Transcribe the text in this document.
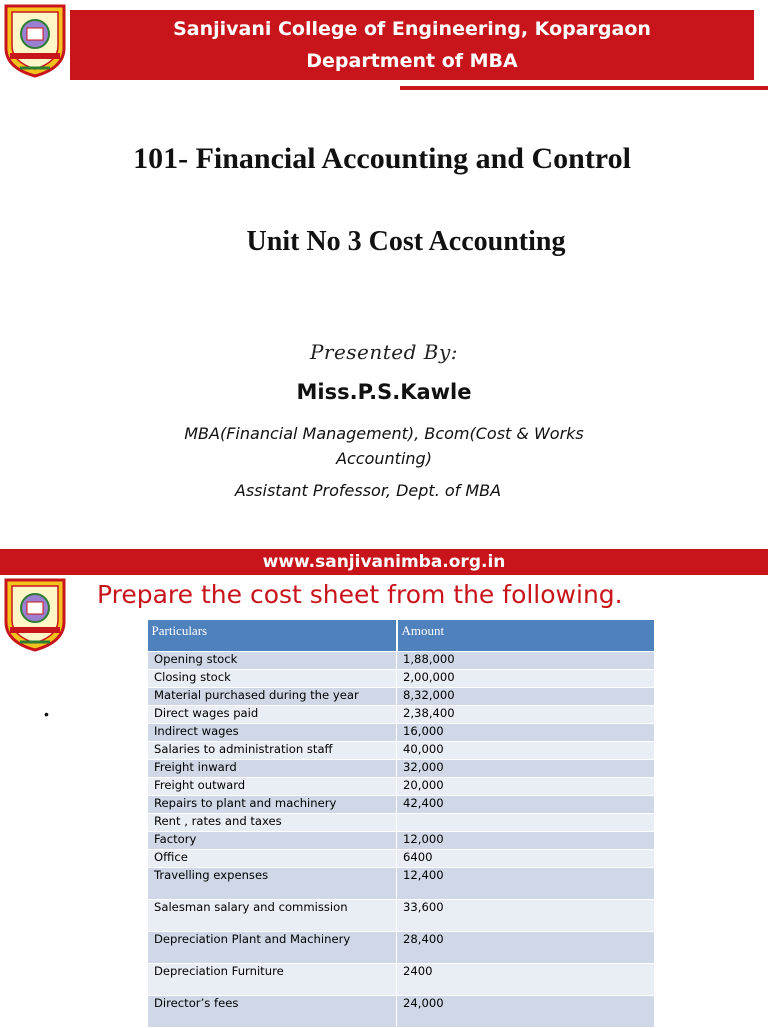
Sanjivani College of Engineering, Kopargaon
Department of MBA
101- Financial Accounting and Control
Unit No 3 Cost Accounting
Presented By:
Miss.P.S.Kawle
MBA(Financial Management), Bcom(Cost & Works Accounting)
Assistant Professor, Dept. of MBA
www.sanjivanimba.org.in
Prepare the cost sheet from the following.
•
Particulars	Amount
Opening stock	1,88,000
Closing stock	2,00,000
Material purchased during the year	8,32,000
Direct wages paid	2,38,400
Indirect wages	16,000
Salaries to administration staff	40,000
Freight inward	32,000
Freight outward	20,000
Repairs to plant and machinery	42,400
Rent , rates and taxes	
Factory	12,000
Office	6400
Travelling expenses	12,400
Salesman salary and commission	33,600
Depreciation Plant and Machinery	28,400
Depreciation Furniture	2400
Director’s fees	24,000
